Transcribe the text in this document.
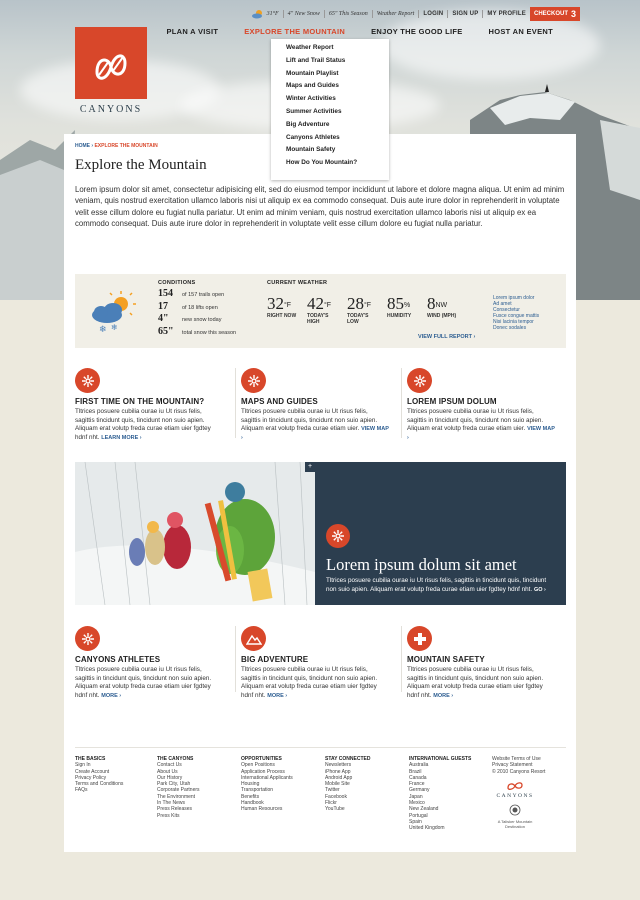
31°F 4" New Snow 65" This Season Weather Report LOGIN SIGN UP MY PROFILE CHECKOUT 3
CANYONS
PLAN A VISIT	EXPLORE THE MOUNTAIN	ENJOY THE GOOD LIFE	HOST AN EVENT
HOME › EXPLORE THE MOUNTAIN
Explore the Mountain

Lorem ipsum dolor sit amet, consectetur adipisicing elit, sed do eiusmod tempor incididunt ut labore et dolore magna aliqua. Ut enim ad minim veniam, quis nostrud exercitation ullamco laboris nisi ut aliquip ex ea commodo consequat. Duis aute irure dolor in reprehenderit in voluptate velit esse cillum dolore eu fugiat nulla pariatur. Ut enim ad minim veniam, quis nostrud exercitation ullamco laboris nisi ut aliquip ex ea commodo consequat. Duis aute irure dolor in reprehenderit in voluptate velit esse cillum dolore eu fugiat nulla pariatur.

❄ ❄
CONDITIONS
154	of 157 trails open
17	of 18 lifts open
4"	new snow today
65"	total snow this season
CURRENT WEATHER
$32^{^\circ F}$
RIGHT NOW
$42^{^\circ F}$
TODAY'S HIGH
$28^{^\circ F}$
TODAY'S LOW
85%
HUMIDITY
$8^{NW}$
WIND (MPH)
Lorem ipsum dolor
Ad amet
Consectetur
Fusce congue mattis
Nisi lacinia tempor
Donec sodales
VIEW FULL REPORT ›
FIRST TIME ON THE MOUNTAIN?
Tltrices posuere cubilia ourae iu Ut risus felis, sagittis tincidunt quis, tincidunt non suio apien. Aliquam erat volutp freda curae etiam uier fgdtey hdnf nht. LEARN MORE ›
MAPS AND GUIDES
Tltrices posuere cubilia ourae iu Ut risus felis, sagittis in tincidunt quis, tincidunt non suio apien. Aliquam erat volutp freda curae etiam uier. VIEW MAP ›
LOREM IPSUM DOLUM
Tltrices posuere cubilia ourae iu Ut risus felis, sagittis in tincidunt quis, tincidunt non suio apien. Aliquam erat volutp freda curae etiam uier. VIEW MAP ›
+
Lorem ipsum dolum sit amet
Tltrices posuere cubilia ourae iu Ut risus felis, sagittis in tincidunt quis, tincidunt non suio apien. Aliquam erat volutp freda curae etiam uier fgdtey hdnf nht. GO ›
CANYONS ATHLETES
Tltrices posuere cubilia ourae iu Ut risus felis, sagittis in tincidunt quis, tincidunt non suio apien. Aliquam erat volutp freda curae etiam uier fgdtey hdnf nht. MORE ›
BIG ADVENTURE
Tltrices posuere cubilia ourae iu Ut risus felis, sagittis in tincidunt quis, tincidunt non suio apien. Aliquam erat volutp freda curae etiam uier fgdtey hdnf nht. MORE ›
MOUNTAIN SAFETY
Tltrices posuere cubilia ourae iu Ut risus felis, sagittis in tincidunt quis, tincidunt non suio apien. Aliquam erat volutp freda curae etiam uier fgdtey hdnf nht. MORE ›
THE BASICS
Sign In
Create Account
Privacy Policy
Terms and Conditions
FAQs
THE CANYONS
Contact Us
About Us
Our History
Park City, Utah
Corporate Partners
The Environment
In The News
Press Releases
Press Kits
OPPORTUNITIES
Open Positions
Application Process
International Applicants
Housing
Transportation
Benefits
Handbook
Human Resources
STAY CONNECTED
Newsletters
iPhone App
Android App
Mobile Site
Twitter
Facebook
Flickr
YouTube
INTERNATIONAL GUESTS
Australia
Brazil
Canada
France
Germany
Japan
Mexico
New Zealand
Portugal
Spain
United Kingdom
Website Terms of Use
Privacy Statement
© 2010 Canyons Resort
CANYONS
A Talisker Mountain Destination
Weather Report
Lift and Trail Status
Mountain Playlist
Maps and Guides
Winter Activities
Summer Activities
Big Adventure
Canyons Athletes
Mountain Safety
How Do You Mountain?
